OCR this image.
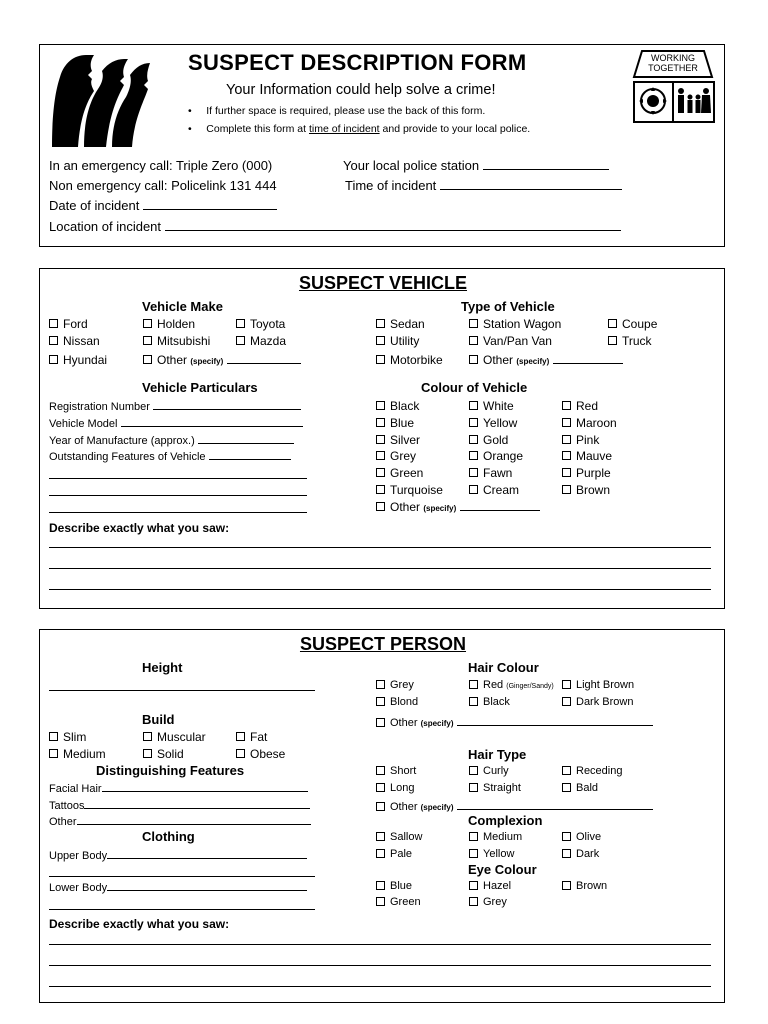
SUSPECT DESCRIPTION FORM
Your Information could help solve a crime!
•     If further space is required, please use the back of this form.
•     Complete this form at time of incident and provide to your local police.
WORKING
TOGETHER
In an emergency call: Triple Zero (000)
Non emergency call: Policelink 131 444
Date of incident
Location of incident
Your local police station
Time of incident
SUSPECT VEHICLE
Vehicle Make	Type of Vehicle
Ford	Holden	Toyota
Nissan	Mitsubishi	Mazda
Hyundai	Other (specify)
Sedan	Station Wagon	Coupe
Utility	Van/Pan Van	Truck
Motorbike	Other (specify)
Vehicle Particulars	Colour of Vehicle
Registration Number
Vehicle Model
Year of Manufacture (approx.)
Outstanding Features of Vehicle
Black	White	Red
Blue	Yellow	Maroon
Silver	Gold	Pink
Grey	Orange	Mauve
Green	Fawn	Purple
Turquoise	Cream	Brown
Other (specify)
Describe exactly what you saw:
SUSPECT PERSON
Height
Build
Slim	Muscular	Fat
Medium	Solid	Obese
Distinguishing Features
Facial Hair
Tattoos
Other
Clothing
Upper Body
Lower Body
Hair Colour
Grey	Red (Ginger/Sandy)	Light Brown
Blond	Black	Dark Brown
Other (specify)
Hair Type
Short	Curly	Receding
Long	Straight	Bald
Other (specify)
Complexion
Sallow	Medium	Olive
Pale	Yellow	Dark
Eye Colour
Blue	Hazel	Brown
Green	Grey
Describe exactly what you saw:
